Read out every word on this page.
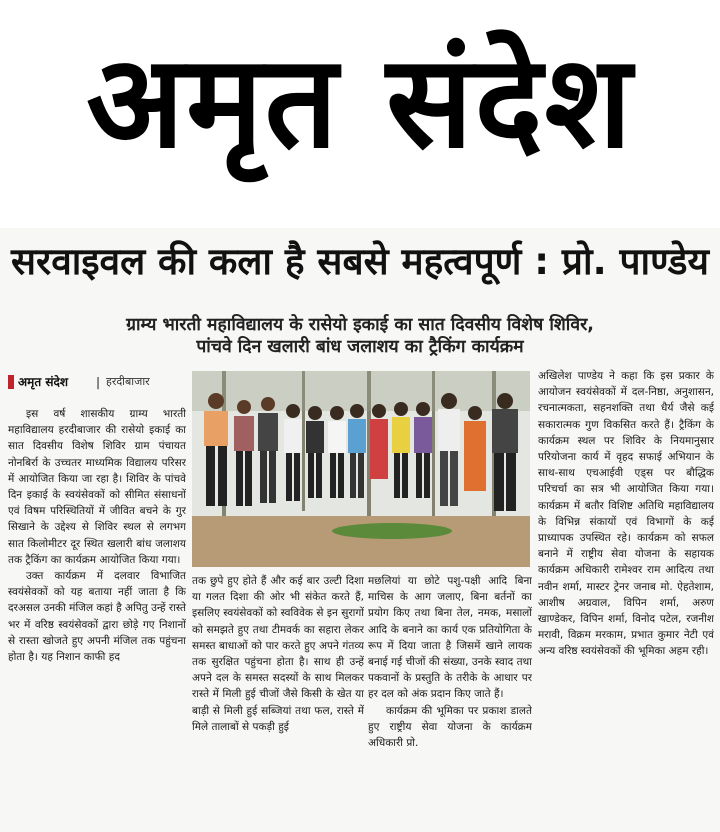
अमृत संदेश
सरवाइवल की कला है सबसे महत्वपूर्ण : प्रो. पाण्डेय
ग्राम्य भारती महाविद्यालय के रासेयो इकाई का सात दिवसीय विशेष शिविर,
पांचवे दिन खलारी बांध जलाशय का ट्रैकिंग कार्यक्रम
अमृत संदेश | हरदीबाजार

इस वर्ष शासकीय ग्राम्य भारती महाविद्यालय हरदीबाजार की रासेयो इकाई का सात दिवसीय विशेष शिविर ग्राम पंचायत नोनबिर्रा के उच्चतर माध्यमिक विद्यालय परिसर में आयोजित किया जा रहा है। शिविर के पांचवे दिन इकाई के स्वयंसेवकों को सीमित संसाधनों एवं विषम परिस्थितियों में जीवित बचने के गुर सिखाने के उद्देश्य से शिविर स्थल से लगभग सात किलोमीटर दूर स्थित खलारी बांध जलाशय तक ट्रैकिंग का कार्यक्रम आयोजित किया गया।

उक्त कार्यक्रम में दलवार विभाजित स्वयंसेवकों को यह बताया नहीं जाता है कि दरअसल उनकी मंजिल कहां है अपितु उन्हें रास्ते भर में वरिष्ठ स्वयंसेवकों द्वारा छोड़े गए निशानों से रास्ता खोजते हुए अपनी मंजिल तक पहुंचना होता है। यह निशान काफी हद

तक छुपे हुए होते हैं और कई बार उल्टी दिशा या गलत दिशा की ओर भी संकेत करते हैं, इसलिए स्वयंसेवकों को स्वविवेक से इन सुरागों को समझते हुए तथा टीमवर्क का सहारा लेकर समस्त बाधाओं को पार करते हुए अपने गंतव्य तक सुरक्षित पहुंचना होता है। साथ ही उन्हें अपने दल के समस्त सदस्यों के साथ मिलकर रास्ते में मिली हुई चीजों जैसे किसी के खेत या बाड़ी से मिली हुई सब्जियां तथा फल, रास्ते में मिले तालाबों से पकड़ी हुई
मछलियां या छोटे पशु-पक्षी आदि बिना माचिस के आग जलाए, बिना बर्तनों का प्रयोग किए तथा बिना तेल, नमक, मसालों आदि के बनाने का कार्य एक प्रतियोगिता के रूप में दिया जाता है जिसमें खाने लायक बनाई गई चीजों की संख्या, उनके स्वाद तथा पकवानों के प्रस्तुति के तरीके के आधार पर हर दल को अंक प्रदान किए जाते हैं।

कार्यक्रम की भूमिका पर प्रकाश डालते हुए राष्ट्रीय सेवा योजना के कार्यक्रम अधिकारी प्रो.

अखिलेश पाण्डेय ने कहा कि इस प्रकार के आयोजन स्वयंसेवकों में दल-निष्ठा, अनुशासन, रचनात्मकता, सहनशक्ति तथा धैर्य जैसे कई सकारात्मक गुण विकसित करते हैं। ट्रैकिंग के कार्यक्रम स्थल पर शिविर के नियमानुसार परियोजना कार्य में वृहद सफाई अभियान के साथ-साथ एचआईवी एड्स पर बौद्धिक परिचर्चा का सत्र भी आयोजित किया गया। कार्यक्रम में बतौर विशिष्ट अतिथि महाविद्यालय के विभिन्न संकायों एवं विभागों के कई प्राध्यापक उपस्थित रहे। कार्यक्रम को सफल बनाने में राष्ट्रीय सेवा योजना के सहायक कार्यक्रम अधिकारी रामेश्वर राम आदित्य तथा नवीन शर्मा, मास्टर ट्रेनर जनाब मो. ऐहतेशाम, आशीष अग्रवाल, विपिन शर्मा, अरुण खाण्डेकर, विपिन शर्मा, विनोद पटेल, रजनीश मरावी, विक्रम मरकाम, प्रभात कुमार नेटी एवं अन्य वरिष्ठ स्वयंसेवकों की भूमिका अहम रही।
